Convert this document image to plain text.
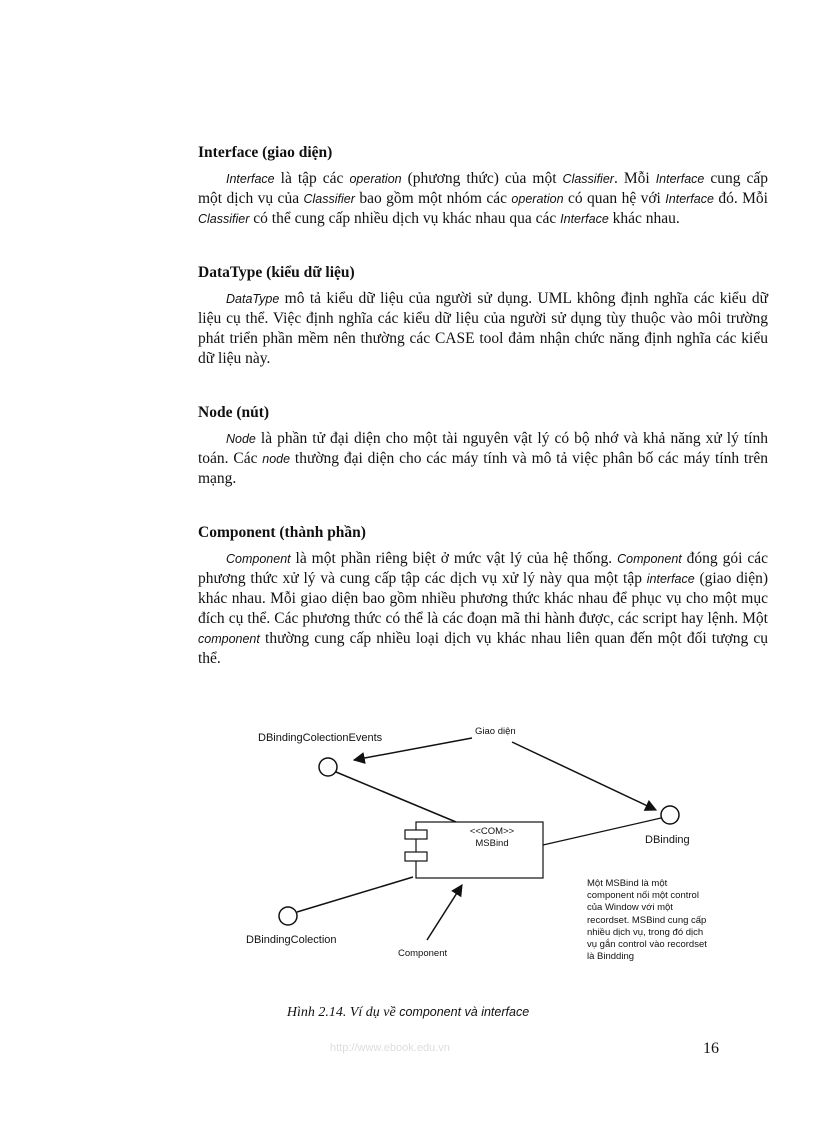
Interface (giao diện)

Interface là tập các operation (phương thức) của một Classifier. Mỗi Interface cung cấp một dịch vụ của Classifier bao gồm một nhóm các operation có quan hệ với Interface đó. Mỗi Classifier có thể cung cấp nhiều dịch vụ khác nhau qua các Interface khác nhau.

DataType (kiểu dữ liệu)

DataType mô tả kiểu dữ liệu của người sử dụng. UML không định nghĩa các kiểu dữ liệu cụ thể. Việc định nghĩa các kiểu dữ liệu của người sử dụng tùy thuộc vào môi trường phát triển phần mềm nên thường các CASE tool đảm nhận chức năng định nghĩa các kiểu dữ liệu này.

Node (nút)

Node là phần tử đại diện cho một tài nguyên vật lý có bộ nhớ và khả năng xử lý tính toán. Các node thường đại diện cho các máy tính và mô tả việc phân bố các máy tính trên mạng.

Component (thành phần)

Component là một phần riêng biệt ở mức vật lý của hệ thống. Component đóng gói các phương thức xử lý và cung cấp tập các dịch vụ xử lý này qua một tập interface (giao diện) khác nhau. Mỗi giao diện bao gồm nhiều phương thức khác nhau để phục vụ cho một mục đích cụ thể. Các phương thức có thể là các đoạn mã thi hành được, các script hay lệnh. Một component thường cung cấp nhiều loại dịch vụ khác nhau liên quan đến một đối tượng cụ thể.

DBindingColectionEvents
Giao diện
DBinding
DBindingColection
Component
<<COM>>
MSBind
Một MSBind là một
component nối một control
của Window với một
recordset. MSBind cung cấp
nhiều dịch vụ, trong đó dịch
vụ gắn control vào recordset
là Bindding
Hình 2.14. Ví dụ về component và interface
http://www.ebook.edu.vn	16
